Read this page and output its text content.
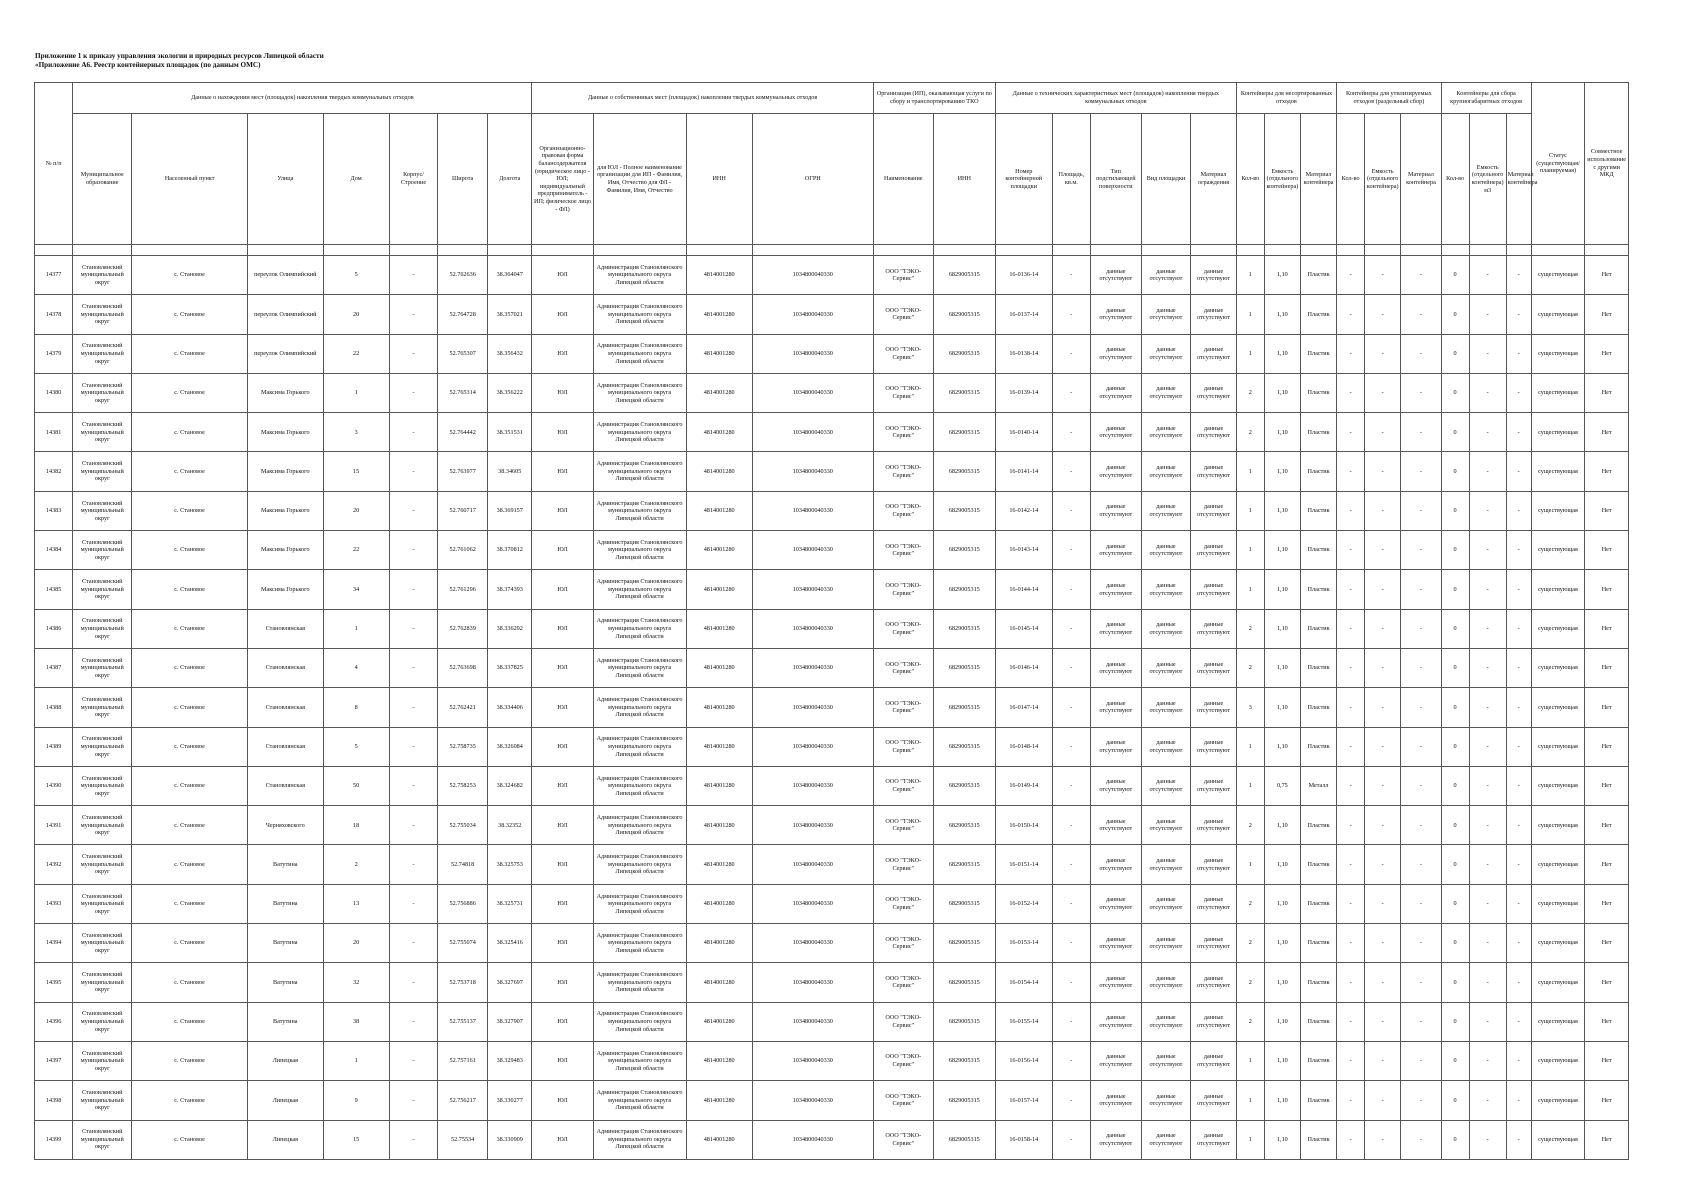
Приложение 1 к приказу управления экологии и природных ресурсов Липецкой области
«Приложение А6. Реестр контейнерных площадок (по данным ОМС)
№ п/п	Данные о нахождении мест (площадок) накопления твердых коммунальных отходов							Данные о собственниках мест (площадок) накопления твердых коммунальных отходов				Организация (ИП), оказывающая услуги по сбору и транспортированию ТКО		Данные о технических характеристиках мест (площадок) накопления твердых коммунальных отходов					Контейнеры для несортированных отходов			Контейнеры для утилизируемых отходов (раздельный сбор)			Контейнеры для сбора крупногабаритных отходов			Статус (существующая/планируемая)	Совместное использование с другими МКД
	Муниципальное образование	Населенный пункт	Улица	Дом	Корпус/Строение	Широта	Долгота	Организационно-правовая форма балансодержателя (юридическое лицо - ЮЛ; индивидуальный предприниматель - ИП; физическое лицо - ФЛ)	для ЮЛ - Полное наименование организации для ИП - Фамилия, Имя, Отчество для ФЛ - Фамилия, Имя, Отчество	ИНН	ОГРН	Наименование	ИНН	Номер контейнерной площадки	Площадь, кв.м.	Тип подстилающей поверхности	Вид площадки	Материал ограждения	Кол-во	Емкость (отдельного контейнера)	Материал контейнера	Кол-во	Емкость (отдельного контейнера)	Материал контейнера	Кол-во	Емкость (отдельного контейнера) м3	Материал контейнера		

14377	Становлянский муниципальный округ	с. Становое	переулок Олимпийский	5	-	52.762636	38.364047	ЮЛ	Администрация Становлянского муниципального округа Липецкой области	4814001280	1034800040330	ООО "ТЭКО-Сервис"	6829005315	16-0136-14	-	данные отсутствуют	данные отсутствуют	данные отсутствуют	1	1,10	Пластик	-	-	-	0	-	-	существующая	Нет
14378	Становлянский муниципальный округ	с. Становое	переулок Олимпийский	20	-	52.764728	38.357021	ЮЛ	Администрация Становлянского муниципального округа Липецкой области	4814001280	1034800040330	ООО "ТЭКО-Сервис"	6829005315	16-0137-14	-	данные отсутствуют	данные отсутствуют	данные отсутствуют	1	1,10	Пластик	-	-	-	0	-	-	существующая	Нет
14379	Становлянский муниципальный округ	с. Становое	переулок Олимпийский	22	-	52.765307	38.356432	ЮЛ	Администрация Становлянского муниципального округа Липецкой области	4814001280	1034800040330	ООО "ТЭКО-Сервис"	6829005315	16-0138-14	-	данные отсутствуют	данные отсутствуют	данные отсутствуют	1	1,10	Пластик	-	-	-	0	-	-	существующая	Нет
14380	Становлянский муниципальный округ	с. Становое	Максима Горького	1	-	52.765314	38.356222	ЮЛ	Администрация Становлянского муниципального округа Липецкой области	4814001280	1034800040330	ООО "ТЭКО-Сервис"	6829005315	16-0139-14	-	данные отсутствуют	данные отсутствуют	данные отсутствуют	2	1,10	Пластик	-	-	-	0	-	-	существующая	Нет
14381	Становлянский муниципальный округ	с. Становое	Максима Горького	3	-	52.764442	38.351531	ЮЛ	Администрация Становлянского муниципального округа Липецкой области	4814001280	1034800040330	ООО "ТЭКО-Сервис"	6829005315	16-0140-14	-	данные отсутствуют	данные отсутствуют	данные отсутствуют	2	1,10	Пластик	-	-	-	0	-	-	существующая	Нет
14382	Становлянский муниципальный округ	с. Становое	Максима Горького	15	-	52.763977	38.34605	ЮЛ	Администрация Становлянского муниципального округа Липецкой области	4814001280	1034800040330	ООО "ТЭКО-Сервис"	6829005315	16-0141-14	-	данные отсутствуют	данные отсутствуют	данные отсутствуют	1	1,10	Пластик	-	-	-	0	-	-	существующая	Нет
14383	Становлянский муниципальный округ	с. Становое	Максима Горького	20	-	52.760717	38.369157	ЮЛ	Администрация Становлянского муниципального округа Липецкой области	4814001280	1034800040330	ООО "ТЭКО-Сервис"	6829005315	16-0142-14	-	данные отсутствуют	данные отсутствуют	данные отсутствуют	1	1,10	Пластик	-	-	-	0	-	-	существующая	Нет
14384	Становлянский муниципальный округ	с. Становое	Максима Горького	22	-	52.761062	38.370812	ЮЛ	Администрация Становлянского муниципального округа Липецкой области	4814001280	1034800040330	ООО "ТЭКО-Сервис"	6829005315	16-0143-14	-	данные отсутствуют	данные отсутствуют	данные отсутствуют	1	1,10	Пластик	-	-	-	0	-	-	существующая	Нет
14385	Становлянский муниципальный округ	с. Становое	Максима Горького	34	-	52.761296	38.374393	ЮЛ	Администрация Становлянского муниципального округа Липецкой области	4814001280	1034800040330	ООО "ТЭКО-Сервис"	6829005315	16-0144-14	-	данные отсутствуют	данные отсутствуют	данные отсутствуют	1	1,10	Пластик	-	-	-	0	-	-	существующая	Нет
14386	Становлянский муниципальный округ	с. Становое	Становлянская	1	-	52.762839	38.336292	ЮЛ	Администрация Становлянского муниципального округа Липецкой области	4814001280	1034800040330	ООО "ТЭКО-Сервис"	6829005315	16-0145-14	-	данные отсутствуют	данные отсутствуют	данные отсутствуют	2	1,10	Пластик	-	-	-	0	-	-	существующая	Нет
14387	Становлянский муниципальный округ	с. Становое	Становлянская	4	-	52.763698	38.337825	ЮЛ	Администрация Становлянского муниципального округа Липецкой области	4814001280	1034800040330	ООО "ТЭКО-Сервис"	6829005315	16-0146-14	-	данные отсутствуют	данные отсутствуют	данные отсутствуют	2	1,10	Пластик	-	-	-	0	-	-	существующая	Нет
14388	Становлянский муниципальный округ	с. Становое	Становлянская	8	-	52.762421	38.334406	ЮЛ	Администрация Становлянского муниципального округа Липецкой области	4814001280	1034800040330	ООО "ТЭКО-Сервис"	6829005315	16-0147-14	-	данные отсутствуют	данные отсутствуют	данные отсутствуют	3	1,10	Пластик	-	-	-	0	-	-	существующая	Нет
14389	Становлянский муниципальный округ	с. Становое	Становлянская	5	-	52.758735	38.326084	ЮЛ	Администрация Становлянского муниципального округа Липецкой области	4814001280	1034800040330	ООО "ТЭКО-Сервис"	6829005315	16-0148-14	-	данные отсутствуют	данные отсутствуют	данные отсутствуют	1	1,10	Пластик	-	-	-	0	-	-	существующая	Нет
14390	Становлянский муниципальный округ	с. Становое	Становлянская	50	-	52.758253	38.324682	ЮЛ	Администрация Становлянского муниципального округа Липецкой области	4814001280	1034800040330	ООО "ТЭКО-Сервис"	6829005315	16-0149-14	-	данные отсутствуют	данные отсутствуют	данные отсутствуют	1	0,75	Металл	-	-	-	0	-	-	существующая	Нет
14391	Становлянский муниципальный округ	с. Становое	Черняховского	18	-	52.755034	38.32352	ЮЛ	Администрация Становлянского муниципального округа Липецкой области	4814001280	1034800040330	ООО "ТЭКО-Сервис"	6829005315	16-0150-14	-	данные отсутствуют	данные отсутствуют	данные отсутствуют	2	1,10	Пластик	-	-	-	0	-	-	существующая	Нет
14392	Становлянский муниципальный округ	с. Становое	Ватутина	2	-	52.74818	38.325753	ЮЛ	Администрация Становлянского муниципального округа Липецкой области	4814001280	1034800040330	ООО "ТЭКО-Сервис"	6829005315	16-0151-14	-	данные отсутствуют	данные отсутствуют	данные отсутствуют	1	1,10	Пластик	-	-	-	0	-	-	существующая	Нет
14393	Становлянский муниципальный округ	с. Становое	Ватутина	13	-	52.756886	38.325731	ЮЛ	Администрация Становлянского муниципального округа Липецкой области	4814001280	1034800040330	ООО "ТЭКО-Сервис"	6829005315	16-0152-14	-	данные отсутствуют	данные отсутствуют	данные отсутствуют	2	1,10	Пластик	-	-	-	0	-	-	существующая	Нет
14394	Становлянский муниципальный округ	с. Становое	Ватутина	20	-	52.755074	38.325416	ЮЛ	Администрация Становлянского муниципального округа Липецкой области	4814001280	1034800040330	ООО "ТЭКО-Сервис"	6829005315	16-0153-14	-	данные отсутствуют	данные отсутствуют	данные отсутствуют	2	1,10	Пластик	-	-	-	0	-	-	существующая	Нет
14395	Становлянский муниципальный округ	с. Становое	Ватутина	32	-	52.753718	38.327697	ЮЛ	Администрация Становлянского муниципального округа Липецкой области	4814001280	1034800040330	ООО "ТЭКО-Сервис"	6829005315	16-0154-14	-	данные отсутствуют	данные отсутствуют	данные отсутствуют	2	1,10	Пластик	-	-	-	0	-	-	существующая	Нет
14396	Становлянский муниципальный округ	с. Становое	Ватутина	38	-	52.755137	38.327907	ЮЛ	Администрация Становлянского муниципального округа Липецкой области	4814001280	1034800040330	ООО "ТЭКО-Сервис"	6829005315	16-0155-14	-	данные отсутствуют	данные отсутствуют	данные отсутствуют	2	1,10	Пластик	-	-	-	0	-	-	существующая	Нет
14397	Становлянский муниципальный округ	с. Становое	Липецкая	1	-	52.757161	38.329483	ЮЛ	Администрация Становлянского муниципального округа Липецкой области	4814001280	1034800040330	ООО "ТЭКО-Сервис"	6829005315	16-0156-14	-	данные отсутствуют	данные отсутствуют	данные отсутствуют	1	1,10	Пластик	-	-	-	0	-	-	существующая	Нет
14398	Становлянский муниципальный округ	с. Становое	Липецкая	9	-	52.756217	38.330277	ЮЛ	Администрация Становлянского муниципального округа Липецкой области	4814001280	1034800040330	ООО "ТЭКО-Сервис"	6829005315	16-0157-14	-	данные отсутствуют	данные отсутствуют	данные отсутствуют	1	1,10	Пластик	-	-	-	0	-	-	существующая	Нет
14399	Становлянский муниципальный округ	с. Становое	Липецкая	15	-	52.75534	38.330909	ЮЛ	Администрация Становлянского муниципального округа Липецкой области	4814001280	1034800040330	ООО "ТЭКО-Сервис"	6829005315	16-0158-14	-	данные отсутствуют	данные отсутствуют	данные отсутствуют	1	1,10	Пластик	-	-	-	0	-	-	существующая	Нет
